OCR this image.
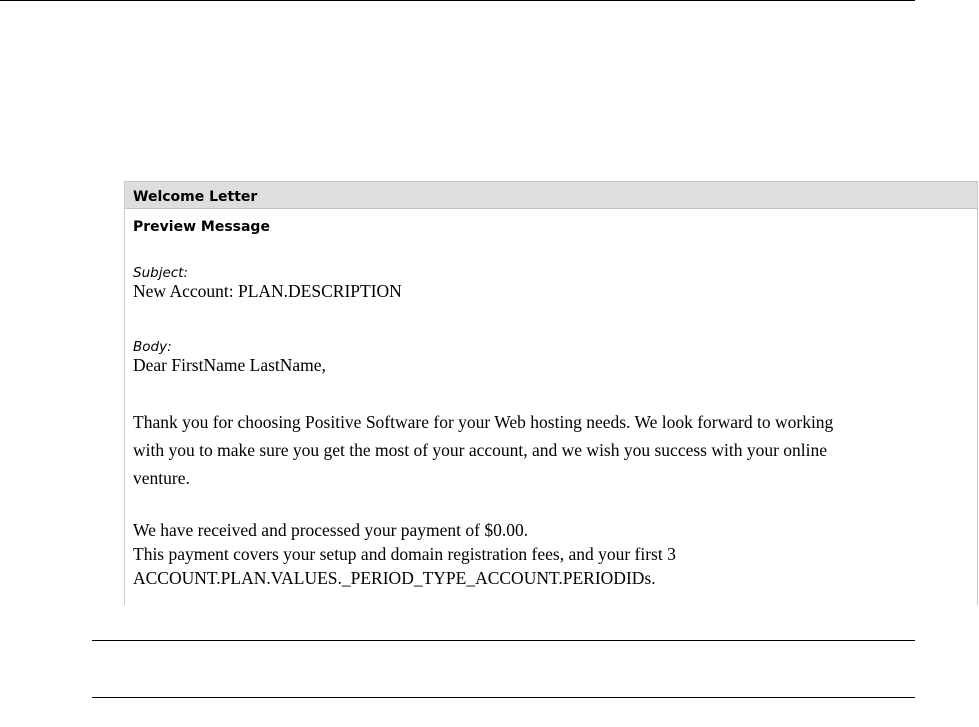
Welcome Letter
Preview Message
Subject:
New Account: PLAN.DESCRIPTION
Body:
Dear FirstName LastName,
Thank you for choosing Positive Software for your Web hosting needs. We look forward to working
with you to make sure you get the most of your account, and we wish you success with your online
venture.
We have received and processed your payment of $0.00.
This payment covers your setup and domain registration fees, and your first 3
ACCOUNT.PLAN.VALUES._PERIOD_TYPE_ACCOUNT.PERIODIDs.
